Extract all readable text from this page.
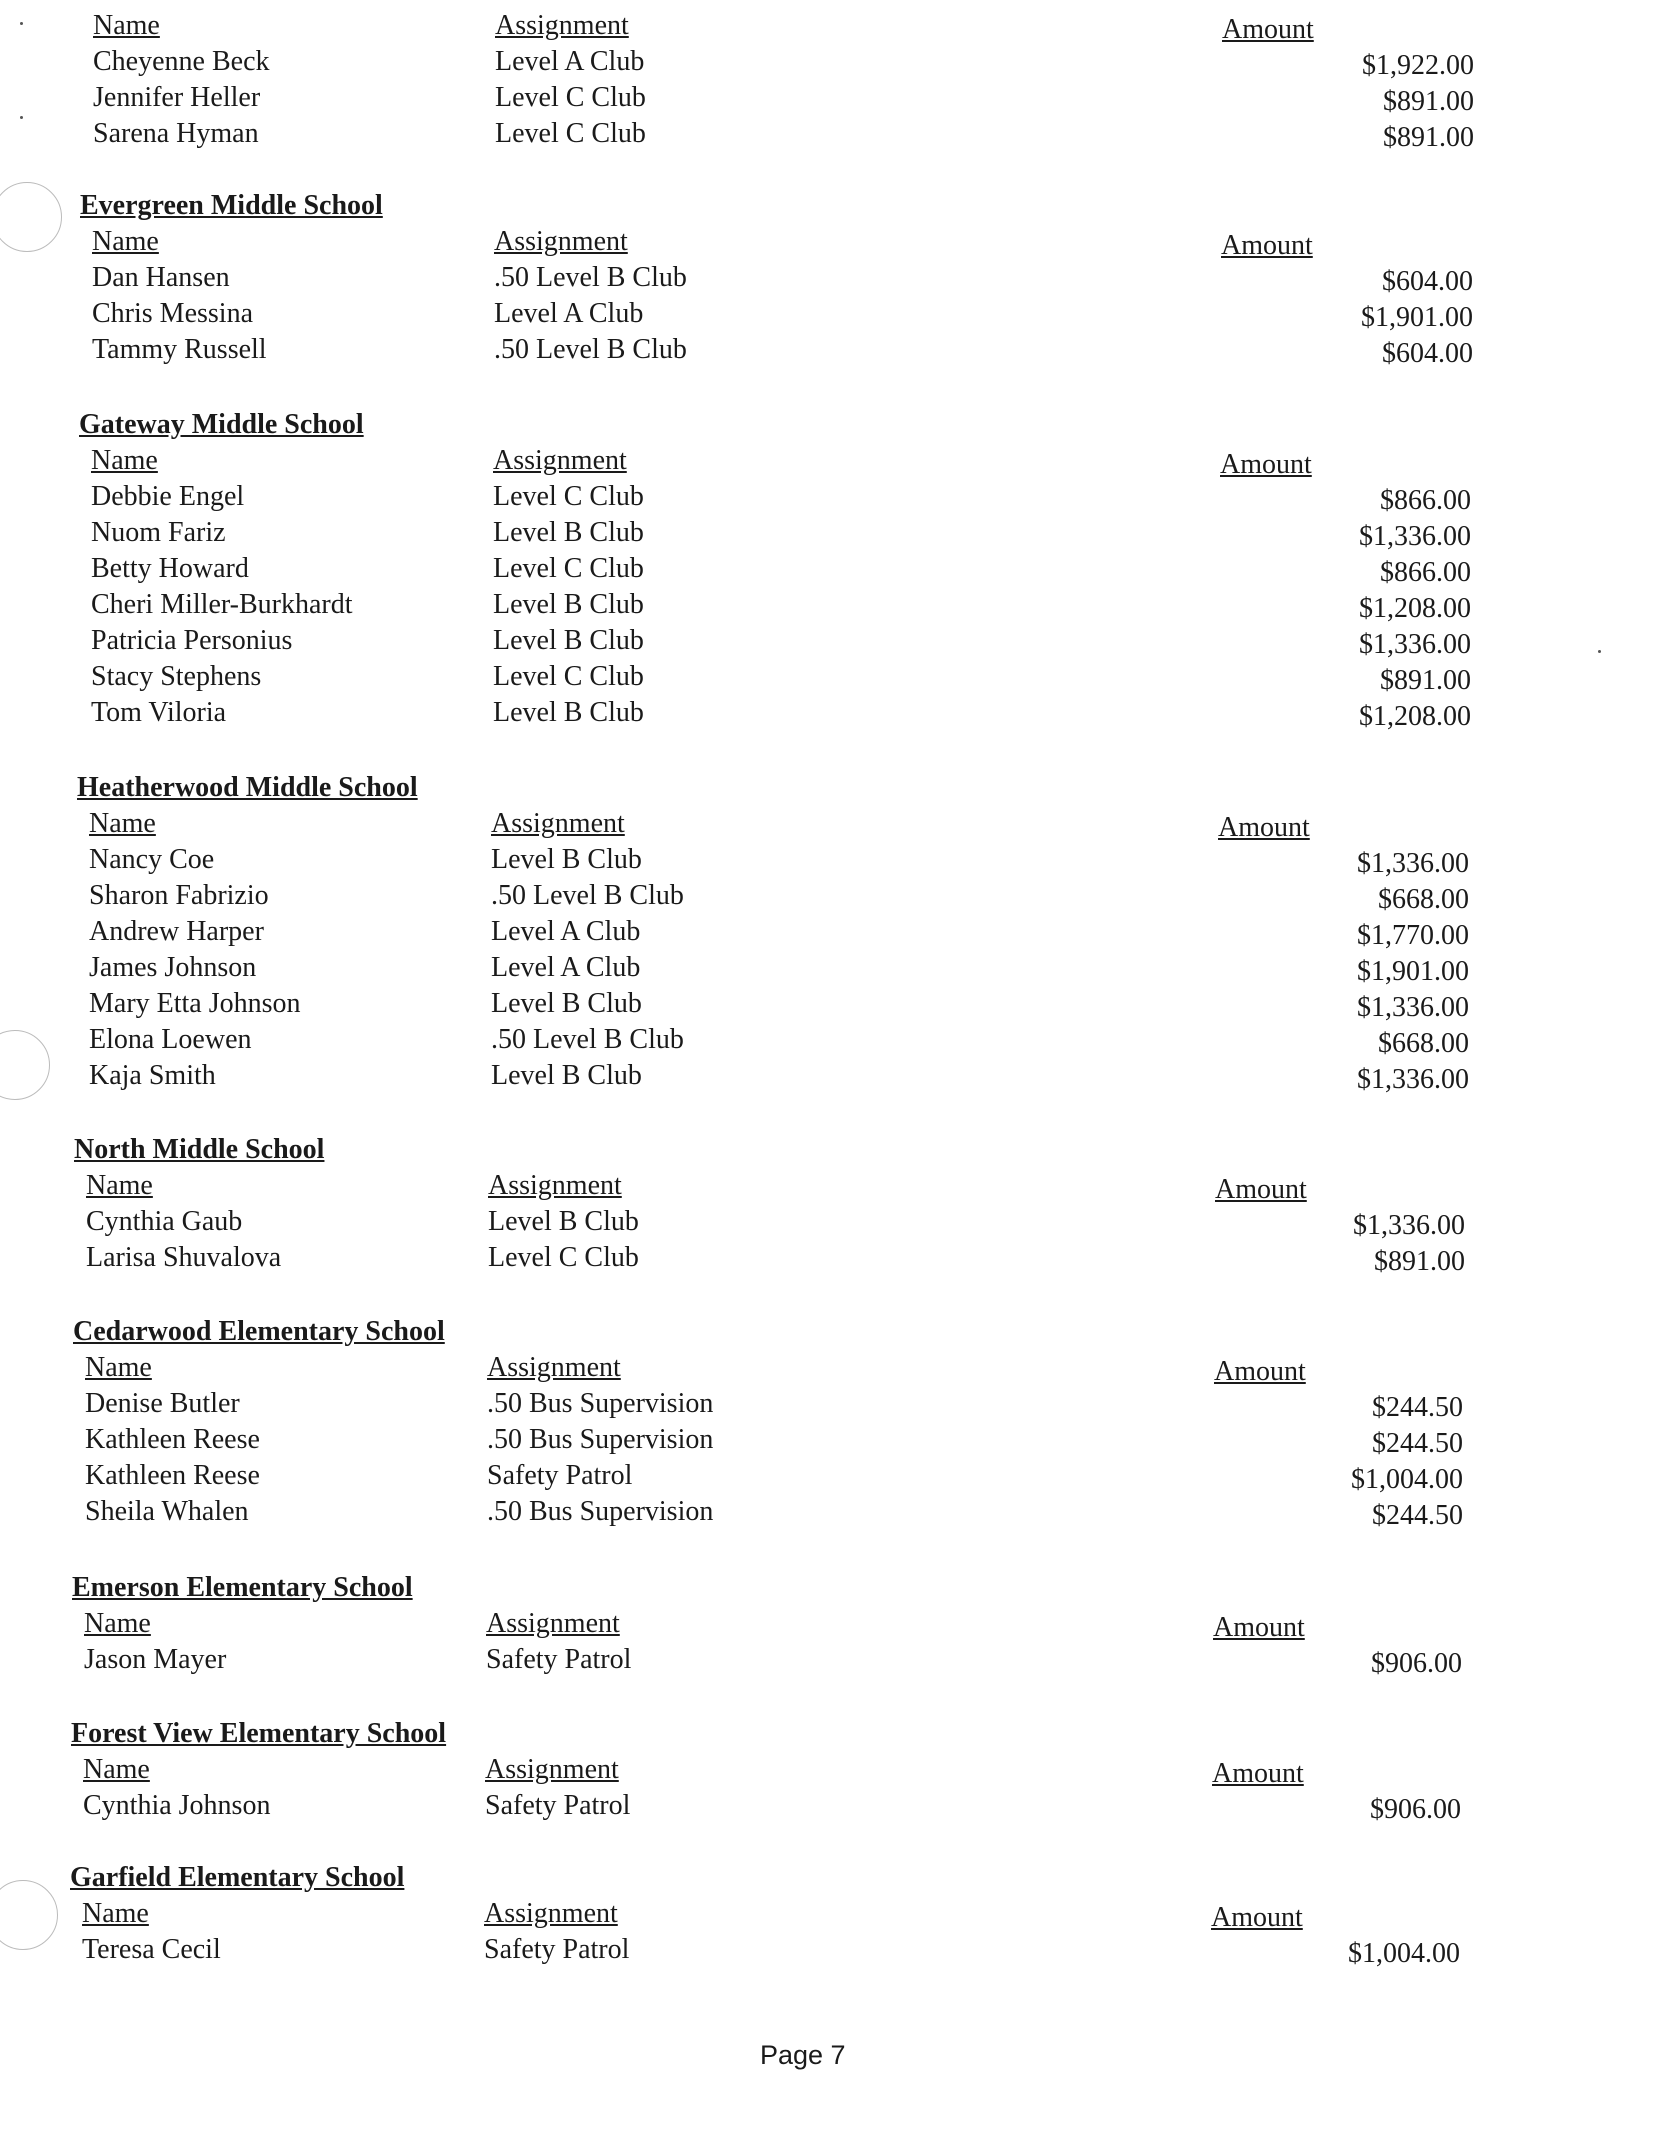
Name	Assignment	Amount
Cheyenne Beck	Level A Club	$1,922.00
Jennifer Heller	Level C Club	$891.00
Sarena Hyman	Level C Club	$891.00
Evergreen Middle School
Name	Assignment	Amount
Dan Hansen	.50 Level B Club	$604.00
Chris Messina	Level A Club	$1,901.00
Tammy Russell	.50 Level B Club	$604.00
Gateway Middle School
Name	Assignment	Amount
Debbie Engel	Level C Club	$866.00
Nuom Fariz	Level B Club	$1,336.00
Betty Howard	Level C Club	$866.00
Cheri Miller-Burkhardt	Level B Club	$1,208.00
Patricia Personius	Level B Club	$1,336.00
Stacy Stephens	Level C Club	$891.00
Tom Viloria	Level B Club	$1,208.00
Heatherwood Middle School
Name	Assignment	Amount
Nancy Coe	Level B Club	$1,336.00
Sharon Fabrizio	.50 Level B Club	$668.00
Andrew Harper	Level A Club	$1,770.00
James Johnson	Level A Club	$1,901.00
Mary Etta Johnson	Level B Club	$1,336.00
Elona Loewen	.50 Level B Club	$668.00
Kaja Smith	Level B Club	$1,336.00
North Middle School
Name	Assignment	Amount
Cynthia Gaub	Level B Club	$1,336.00
Larisa Shuvalova	Level C Club	$891.00
Cedarwood Elementary School
Name	Assignment	Amount
Denise Butler	.50 Bus Supervision	$244.50
Kathleen Reese	.50 Bus Supervision	$244.50
Kathleen Reese	Safety Patrol	$1,004.00
Sheila Whalen	.50 Bus Supervision	$244.50
Emerson Elementary School
Name	Assignment	Amount
Jason Mayer	Safety Patrol	$906.00
Forest View Elementary School
Name	Assignment	Amount
Cynthia Johnson	Safety Patrol	$906.00
Garfield Elementary School
Name	Assignment	Amount
Teresa Cecil	Safety Patrol	$1,004.00
Page 7
